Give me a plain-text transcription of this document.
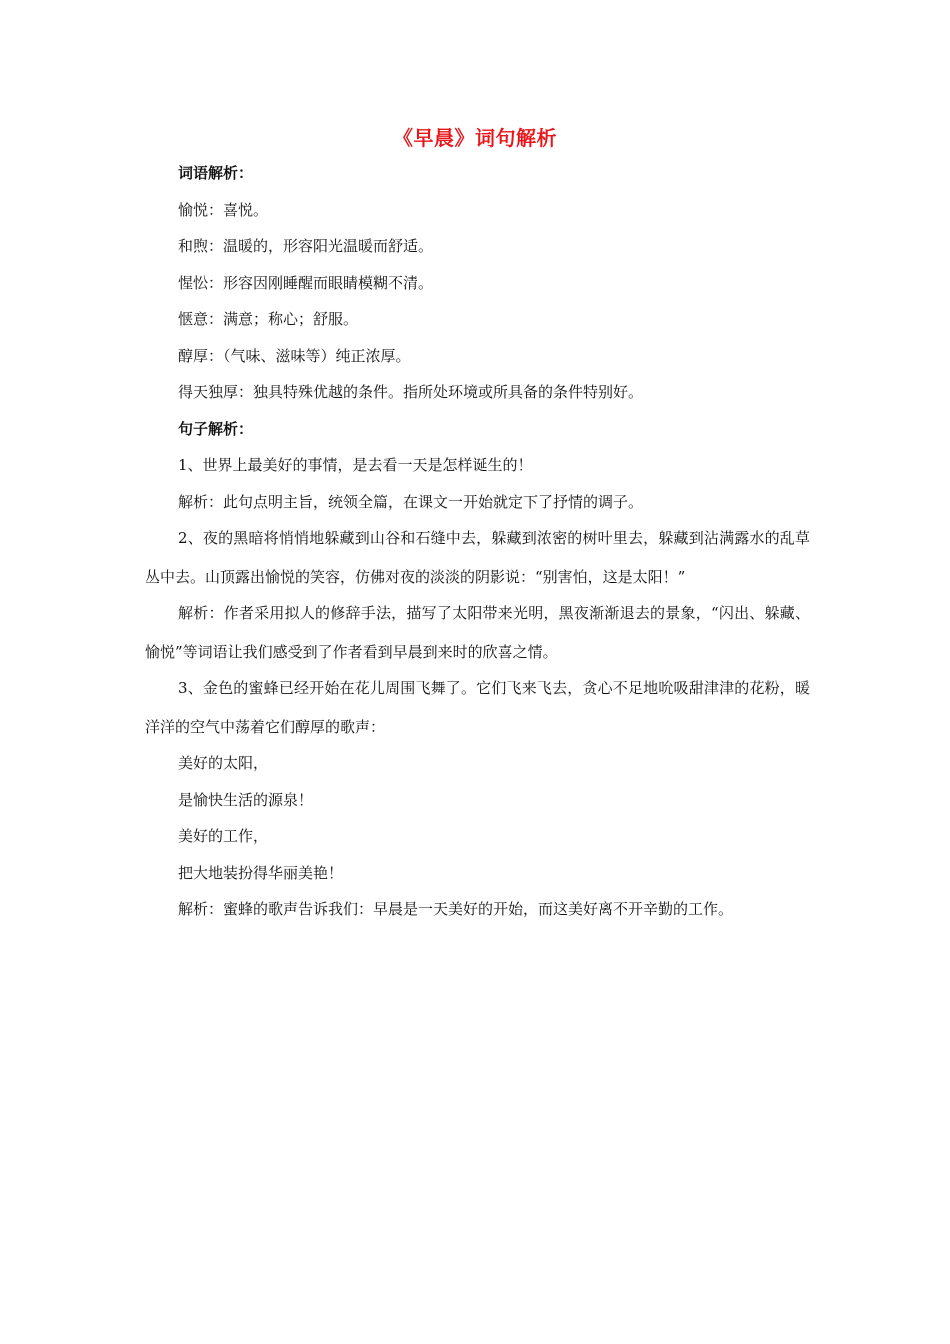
《早晨》词句解析
词语解析：
愉悦：喜悦。
和煦：温暖的，形容阳光温暖而舒适。
惺忪：形容因刚睡醒而眼睛模糊不清。
惬意：满意；称心；舒服。
醇厚：（气味、滋味等）纯正浓厚。
得天独厚：独具特殊优越的条件。指所处环境或所具备的条件特别好。
句子解析：
1、世界上最美好的事情，是去看一天是怎样诞生的！
解析：此句点明主旨，统领全篇，在课文一开始就定下了抒情的调子。
2、夜的黑暗将悄悄地躲藏到山谷和石缝中去，躲藏到浓密的树叶里去，躲藏到沾满露水的乱草丛中去。山顶露出愉悦的笑容，仿佛对夜的淡淡的阴影说：“别害怕，这是太阳！”
解析：作者采用拟人的修辞手法，描写了太阳带来光明，黑夜渐渐退去的景象，“闪出、躲藏、愉悦”等词语让我们感受到了作者看到早晨到来时的欣喜之情。
3、金色的蜜蜂已经开始在花儿周围飞舞了。它们飞来飞去，贪心不足地吮吸甜津津的花粉，暖洋洋的空气中荡着它们醇厚的歌声：
美好的太阳，
是愉快生活的源泉！
美好的工作，
把大地装扮得华丽美艳！
解析：蜜蜂的歌声告诉我们：早晨是一天美好的开始，而这美好离不开辛勤的工作。
